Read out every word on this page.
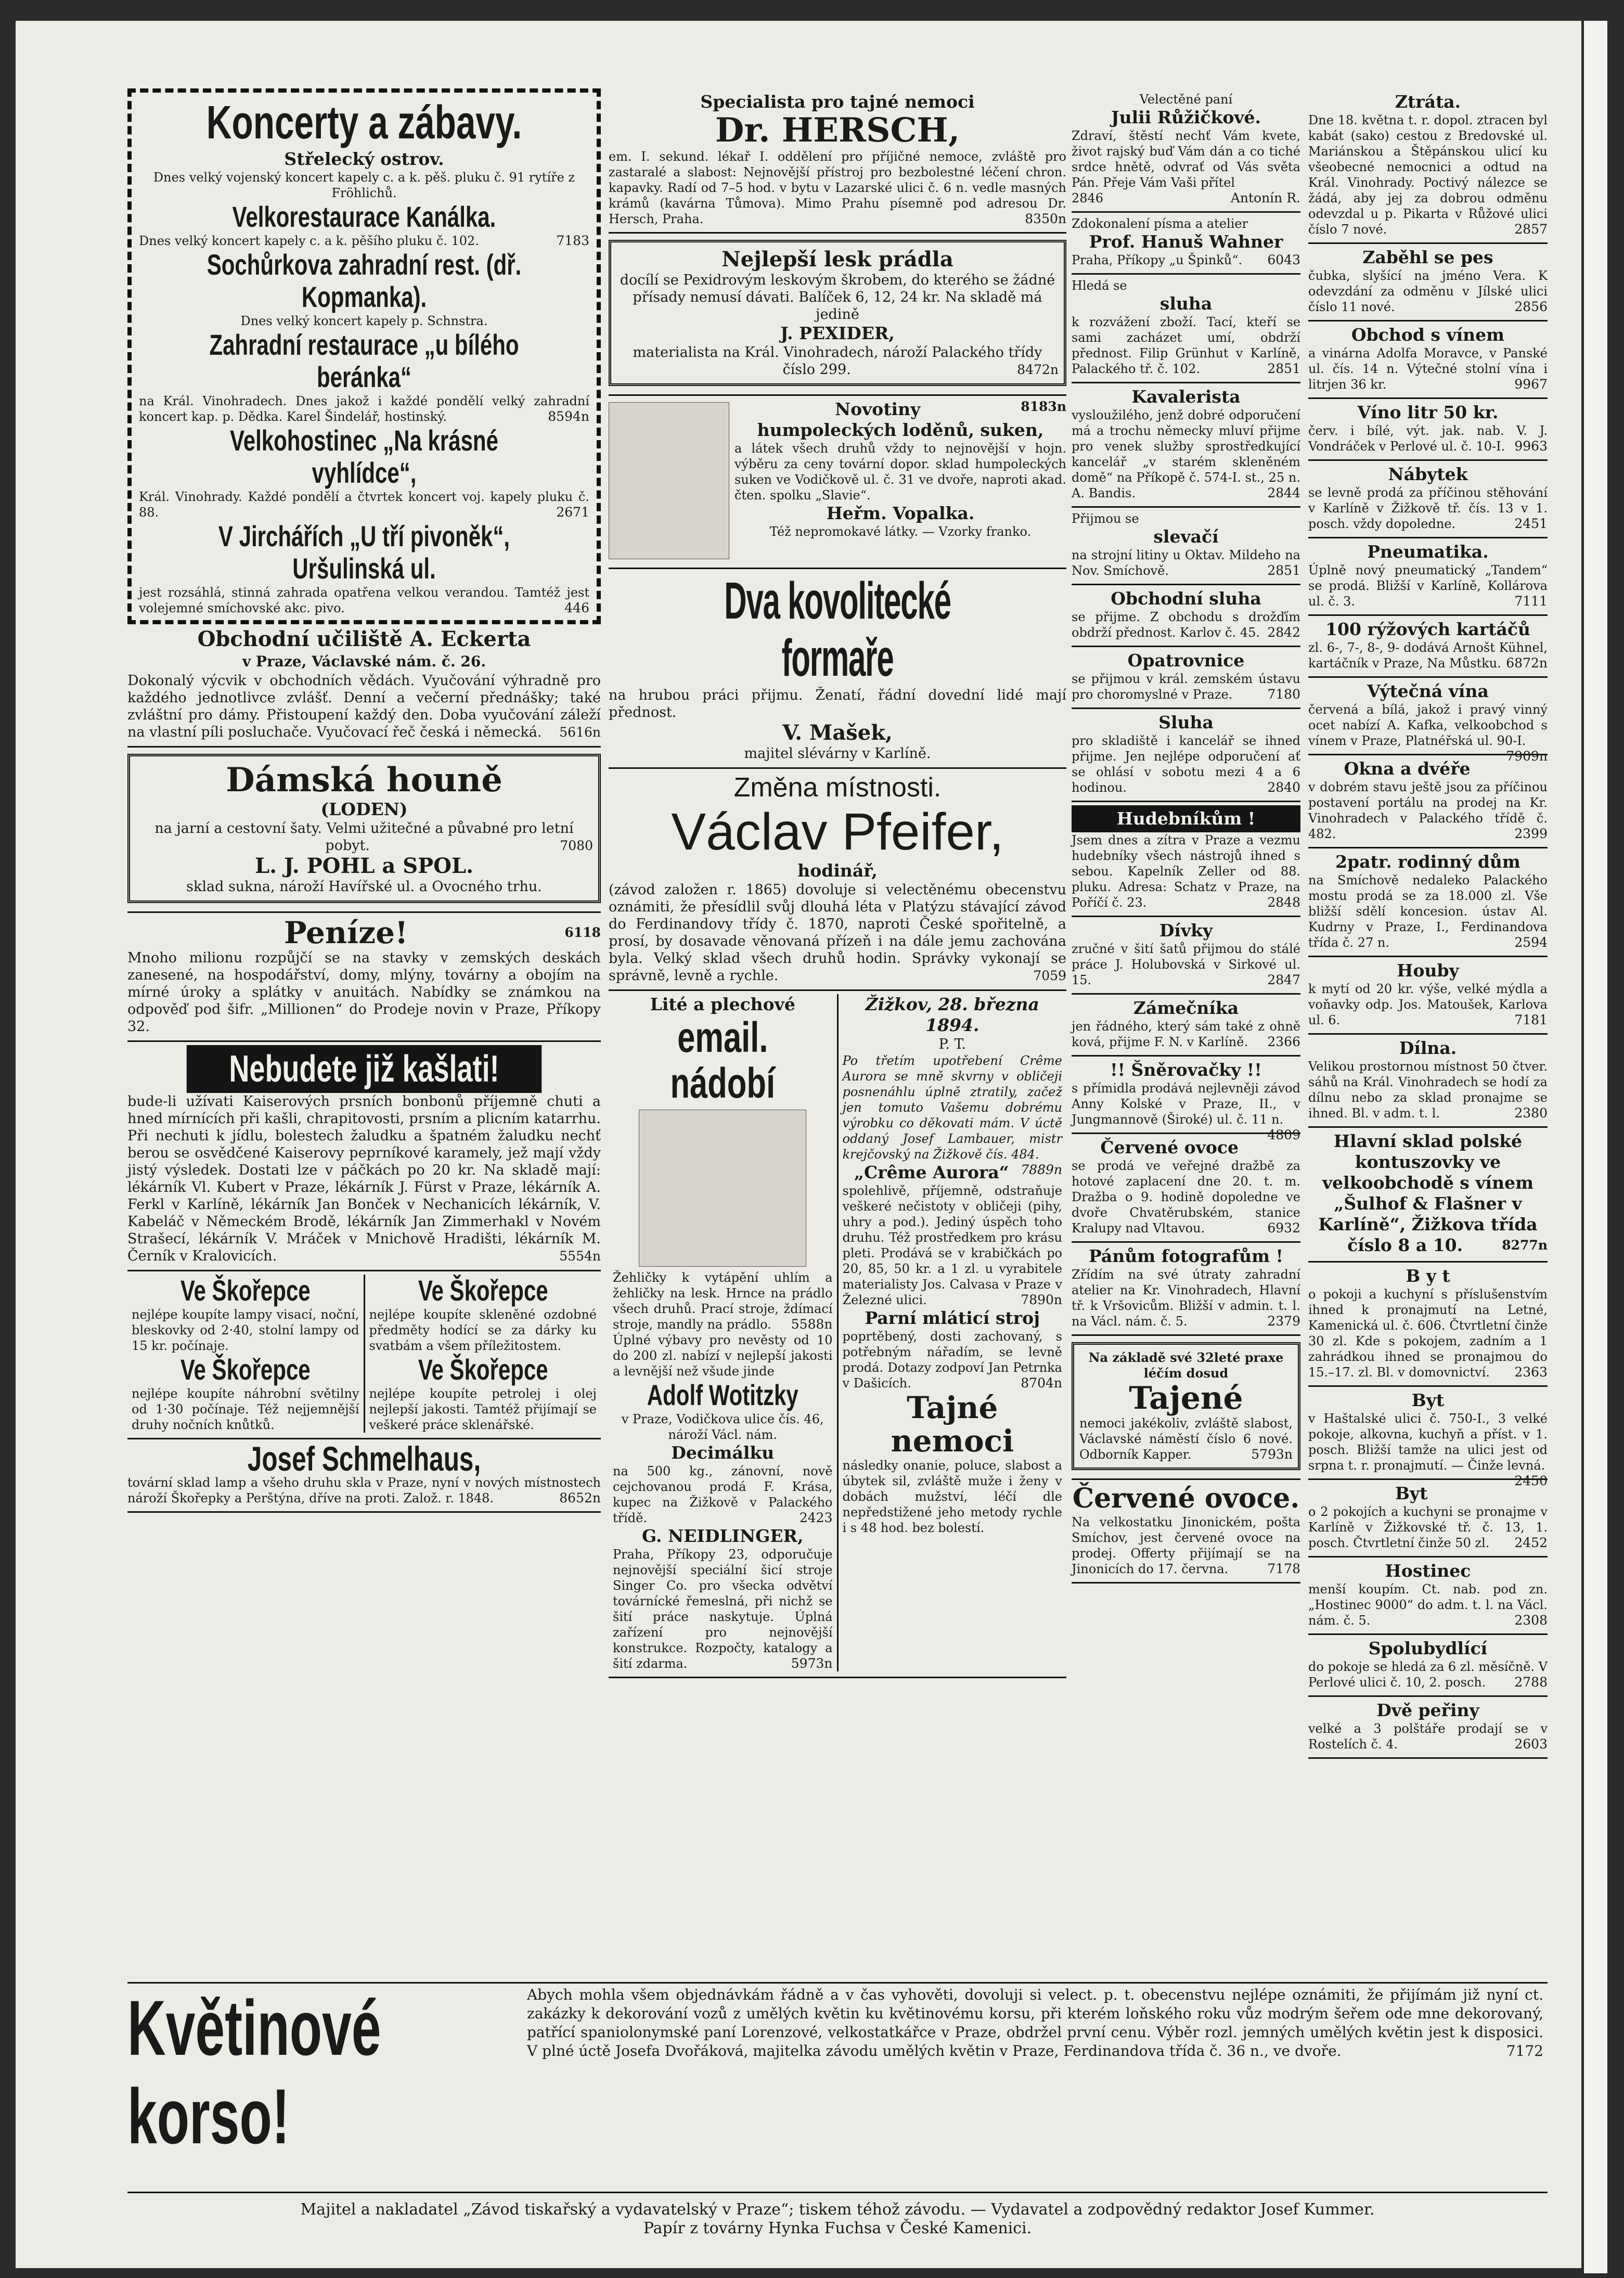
Koncerty a zábavy.
Střelecký ostrov.
Dnes velký vojenský koncert kapely c. a k. pěš. pluku č. 91 rytíře z Fröhlichů.
Velkorestaurace Kanálka.
Dnes velký koncert kapely c. a k. pěšího pluku č. 102.	7183
Sochůrkova zahradní rest. (dř. Kopmanka).
Dnes velký koncert kapely p. Schnstra.
Zahradní restaurace „u bílého beránka“
na Král. Vinohradech. Dnes jakož i každé pondělí velký zahradní koncert kap. p. Dědka. Karel Šindelář, hostinský.	8594n
Velkohostinec „Na krásné vyhlídce“,
Král. Vinohrady. Každé pondělí a čtvrtek koncert voj. kapely pluku č. 88.	2671
V Jirchářích „U tří pivoněk“, Uršulinská ul.
jest rozsáhlá, stinná zahrada opatřena velkou verandou. Tamtéž jest volejemné smíchovské akc. pivo.	446
Obchodní učiliště A. Eckerta
v Praze, Václavské nám. č. 26.
Dokonalý výcvik v obchodních vědách. Vyučování výhradně pro každého jednotlivce zvlášť. Denní a večerní přednášky; také zvláštní pro dámy. Přistoupení každý den. Doba vyučování záleží na vlastní píli posluchače. Vyučovací řeč česká i německá. 5616n
Dámská houně
(LODEN)
na jarní a cestovní šaty. Velmi užitečné a půvabné pro letní pobyt.	7080
L. J. POHL a SPOL.
sklad sukna, nároží Havířské ul. a Ovocného trhu.
Peníze!	6118
Mnoho milionu rozpůjčí se na stavky v zemských deskách zanesené, na hospodářství, domy, mlýny, továrny a obojím na mírné úroky a splátky v anuitách. Nabídky se známkou na odpověď pod šifr. „Millionen“ do Prodeje novin v Praze, Příkopy 32.
Nebudete již kašlati!
bude-li užívati Kaiserových prsních bonbonů příjemně chuti a hned mírnících při kašli, chrapitovosti, prsním a plicním katarrhu. Při nechuti k jídlu, bolestech žaludku a špatném žaludku nechť berou se osvědčené Kaiserovy peprníkové karamely, jež mají vždy jistý výsledek. Dostati lze v páčkách po 20 kr. Na skladě mají: lékárník Vl. Kubert v Praze, lékárník J. Fürst v Praze, lékárník A. Ferkl v Karlíně, lékárník Jan Bonček v Nechanicích lékárník, V. Kabeláč v Německém Brodě, lékárník Jan Zimmerhakl v Novém Strašecí, lékárník V. Mráček v Mnichově Hradišti, lékárník M. Černík v Kralovicích.	5554n
Ve Škořepce
nejlépe koupíte lampy visací, noční, bleskovky od 2·40, stolní lampy od 15 kr. počínaje.
Ve Škořepce
nejlépe koupíte náhrobní světilny od 1·30 počínaje. Též nejjemnější druhy nočních knůtků.
Ve Škořepce
nejlépe koupíte skleněné ozdobné předměty hodící se za dárky ku svatbám a všem příležitostem.
Ve Škořepce
nejlépe koupíte petrolej i olej nejlepší jakosti. Tamtéž přijímají se veškeré práce sklenářské.
Josef Schmelhaus,
tovární sklad lamp a všeho druhu skla v Praze, nyní v nových místnostech nároží Škořepky a Perštýna, dříve na proti. Založ. r. 1848.	8652n
Specialista pro tajné nemoci
Dr. HERSCH,
em. I. sekund. lékař I. oddělení pro příjičné nemoce, zvláště pro zastaralé a slabost: Nejnovější přístroj pro bezbolestné léčení chron. kapavky. Radí od 7–5 hod. v bytu v Lazarské ulici č. 6 n. vedle masných krámů (kavárna Tůmova). Mimo Prahu písemně pod adresou Dr. Hersch, Praha.	8350n
Nejlepší lesk prádla
docílí se Pexidrovým leskovým škrobem, do kterého se žádné přísady nemusí dávati. Balíček 6, 12, 24 kr. Na skladě má jedině
J. PEXIDER,
materialista na Král. Vinohradech, nároží Palackého třídy číslo 299.	8472n
Novotiny	8183n
humpoleckých loděnů, suken,
a látek všech druhů vždy to nejnovější v hojn. výběru za ceny tovární dopor. sklad humpoleckých suken ve Vodičkově ul. č. 31 ve dvoře, naproti akad. čten. spolku „Slavie“.
Heřm. Vopalka.
Též nepromokavé látky. — Vzorky franko.
Dva kovolitecké formaře
na hrubou práci přijmu. Ženatí, řádní dovední lidé mají přednost.
V. Mašek,
majitel slévárny v Karlíně.
Změna místnosti.
Václav Pfeifer,
hodinář,
(závod založen r. 1865) dovoluje si velectěnému obecenstvu oznámiti, že přesídlil svůj dlouhá léta v Platýzu stávající závod do Ferdinandovy třídy č. 1870, naproti České spořitelně, a prosí, by dosavade věnovaná přízeň i na dále jemu zachována byla. Velký sklad všech druhů hodin. Správky vykonají se správně, levně a rychle.	7059
Lité a plechové
email. nádobí
Žehličky k vytápění uhlím a žehličky na lesk. Hrnce na prádlo všech druhů. Prací stroje, ždímací stroje, mandly na prádlo. 5588n
Úplné výbavy pro nevěsty od 10 do 200 zl. nabízí v nejlepší jakosti a levnější než všude jinde
Adolf Wotitzky
v Praze, Vodičkova ulice čís. 46, nároží Václ. nám.
Decimálku
na 500 kg., zánovní, nově cejchovanou prodá F. Krása, kupec na Žižkově v Palackého třídě.	2423
G. NEIDLINGER,
Praha, Příkopy 23, odporučuje nejnovější speciální šicí stroje Singer Co. pro všecka odvětví továrnícké řemeslná, při nichž se šití práce naskytuje. Úplná zařízení pro nejnovější konstrukce. Rozpočty, katalogy a šití zdarma.	5973n
Žižkov, 28. března 1894.
P. T.
Po třetím upotřebení Crême Aurora se mně skvrny v obličeji posnenáhlu úplně ztratily, začež jen tomuto Vašemu dobrému výrobku co děkovati mám. V úctě oddaný Josef Lambauer, mistr krejčovský na Žižkově čís. 484.
7889n
„Crême Aurora“
spolehlivě, příjemně, odstraňuje veškeré nečistoty v obličeji (pihy, uhry a pod.). Jediný úspěch toho druhu. Též prostředkem pro krásu pleti. Prodává se v krabičkách po 20, 85, 50 kr. a 1 zl. u vyrabitele materialisty Jos. Calvasa v Praze v Železné ulici.	7890n
Parní mláticí stroj
poprtěbený, dosti zachovaný, s potřebným nářadím, se levně prodá. Dotazy zodpoví Jan Petrnka v Dašicích.	8704n
Tajné nemoci
následky onanie, poluce, slabost a úbytek sil, zvláště muže i ženy v dobách mužství, léčí dle nepředstižené jeho metody rychle i s 48 hod. bez bolestí.
Velectěné paní
Julii Růžičkové.
Zdraví, štěstí nechť Vám kvete, život rajský buď Vám dán a co tiché srdce hnětě, odvrať od Vás světa Pán. Přeje Vám Vaši přítel
2846	Antonín R.
Zdokonalení písma a atelier
Prof. Hanuš Wahner
Praha, Příkopy „u Špinků“. 6043
Hledá se
sluha
k rozvážení zboží. Tací, kteří se sami zacházet umí, obdrží přednost. Filip Grünhut v Karlíně, Palackého tř. č. 102.	2851
Kavalerista
vysloužilého, jenž dobré odporučení má a trochu německy mluví přijme pro venek služby sprostředkující kancelář „v starém skleněném domě“ na Příkopě č. 574-I. st., 25 n. A. Bandis.	2844
Přijmou se
slevačí
na strojní litiny u Oktav. Mildeho na Nov. Smíchově.	2851
Obchodní sluha
se přijme. Z obchodu s drožďím obdrží přednost. Karlov č. 45. 2842
Opatrovnice
se přijmou v král. zemském ústavu pro choromyslné v Praze.	7180
Sluha
pro skladiště i kancelář se ihned přijme. Jen nejlépe odporučení ať se ohlásí v sobotu mezi 4 a 6 hodinou.	2840
Hudebníkům !
Jsem dnes a zítra v Praze a vezmu hudebníky všech nástrojů ihned s sebou. Kapelník Zeller od 88. pluku. Adresa: Schatz v Praze, na Poříčí č. 23.	2848
Dívky
zručné v šití šatů přijmou do stálé práce J. Holubovská v Sirkové ul. 15.	2847
Zámečníka
jen řádného, který sám také z ohně ková, přijme F. N. v Karlíně. 2366
!! Šněrovačky !!
s přímidla prodává nejlevněji závod Anny Kolské v Praze, II., v Jungmannově (Široké) ul. č. 11 n.
4809
Červené ovoce
se prodá ve veřejné dražbě za hotové zaplacení dne 20. t. m. Dražba o 9. hodině dopoledne ve dvoře Chvatěrubském, stanice Kralupy nad Vltavou.	6932
Pánům fotografům !
Zřídím na své útraty zahradní atelier na Kr. Vinohradech, Hlavní tř. k Vršovicům. Bližší v admin. t. l. na Václ. nám. č. 5.	2379
Na základě své 32leté praxe léčím dosud
Tajené
nemoci jakékoliv, zvláště slabost, Václavské náměstí číslo 6 nové. Odborník Kapper.	5793n
Červené ovoce.
Na velkostatku Jinonickém, pošta Smíchov, jest červené ovoce na prodej. Offerty přijímají se na Jinonicích do 17. června.	7178
Ztráta.
Dne 18. května t. r. dopol. ztracen byl kabát (sako) cestou z Bredovské ul. Mariánskou a Štěpánskou ulicí ku všeobecné nemocnici a odtud na Král. Vinohrady. Poctivý nálezce se žádá, aby jej za dobrou odměnu odevzdal u p. Pikarta v Růžové ulici číslo 7 nové.	2857
Zaběhl se pes
čubka, slyšící na jméno Vera. K odevzdání za odměnu v Jílské ulici číslo 11 nové.	2856
Obchod s vínem
a vinárna Adolfa Moravce, v Panské ul. čís. 14 n. Výtečné stolní vína i litrjen 36 kr.	9967
Víno litr 50 kr.
červ. i bílé, výt. jak. nab. V. J. Vondráček v Perlové ul. č. 10-I. 9963
Nábytek
se levně prodá za příčinou stěhování v Karlíně v Žižkově tř. čís. 13 v 1. posch. vždy dopoledne.	2451
Pneumatika.
Úplně nový pneumatický „Tandem“ se prodá. Bližší v Karlíně, Kollárova ul. č. 3.	7111
100 rýžových kartáčů
zl. 6-, 7-, 8-, 9- dodává Arnošt Kühnel, kartáčník v Praze, Na Můstku. 6872n
Výtečná vína
červená a bílá, jakož i pravý vinný ocet nabízí A. Kafka, velkoobchod s vínem v Praze, Platnéřská ul. 90-I.
7909n
Okna a dvéře
v dobrém stavu ještě jsou za příčinou postavení portálu na prodej na Kr. Vinohradech v Palackého třídě č. 482.	2399
2patr. rodinný dům
na Smíchově nedaleko Palackého mostu prodá se za 18.000 zl. Vše bližší sdělí koncesion. ústav Al. Kudrny v Praze, I., Ferdinandova třída č. 27 n.	2594
Houby
k mytí od 20 kr. výše, velké mýdla a voňavky odp. Jos. Matoušek, Karlova ul. 6.	7181
Dílna.
Velikou prostornou místnost 50 čtver. sáhů na Král. Vinohradech se hodí za dílnu nebo za sklad pronajme se ihned. Bl. v adm. t. l.	2380
Hlavní sklad polské kontuszovky ve velkoobchodě s vínem „Šulhof & Flašner v Karlíně“, Žižkova třída číslo 8 a 10.	8277n
B y t
o pokoji a kuchyní s příslušenstvím ihned k pronajmutí na Letné, Kamenická ul. č. 606. Čtvrtletní činže 30 zl. Kde s pokojem, zadním a 1 zahrádkou ihned se pronajmou do 15.–17. zl. Bl. v domovnictví. 2363
Byt
v Haštalské ulici č. 750-I., 3 velké pokoje, alkovna, kuchyň a příst. v 1. posch. Bližší tamže na ulici jest od srpna t. r. pronajmutí. — Činže levná.
2450
Byt
o 2 pokojích a kuchyni se pronajme v Karlíně v Žižkovské tř. č. 13, 1. posch. Čtvrtletní činže 50 zl. 2452
Hostinec
menší koupím. Ct. nab. pod zn. „Hostinec 9000“ do adm. t. l. na Václ. nám. č. 5.	2308
Spolubydlící
do pokoje se hledá za 6 zl. měsíčně. V Perlové ulici č. 10, 2. posch. 2788
Dvě peřiny
velké a 3 polštáře prodají se v Rostelích č. 4.	2603
Květinové korso!
Abych mohla všem objednávkám řádně a v čas vyhověti, dovoluji si velect. p. t. obecenstvu nejlépe oznámiti, že přijímám již nyní ct. zakázky k dekorování vozů z umělých květin ku květinovému korsu, při kterém loňského roku vůz modrým šeřem ode mne dekorovaný, patřící spaniolonymské paní Lorenzové, velkostatkářce v Praze, obdržel první cenu. Výběr rozl. jemných umělých květin jest k disposici. V plné úctě Josefa Dvořáková, majitelka závodu umělých květin v Praze, Ferdinandova třída č. 36 n., ve dvoře.	7172
Majitel a nakladatel „Závod tiskařský a vydavatelský v Praze“; tiskem téhož závodu. — Vydavatel a zodpovědný redaktor Josef Kummer.
Papír z továrny Hynka Fuchsa v České Kamenici.
